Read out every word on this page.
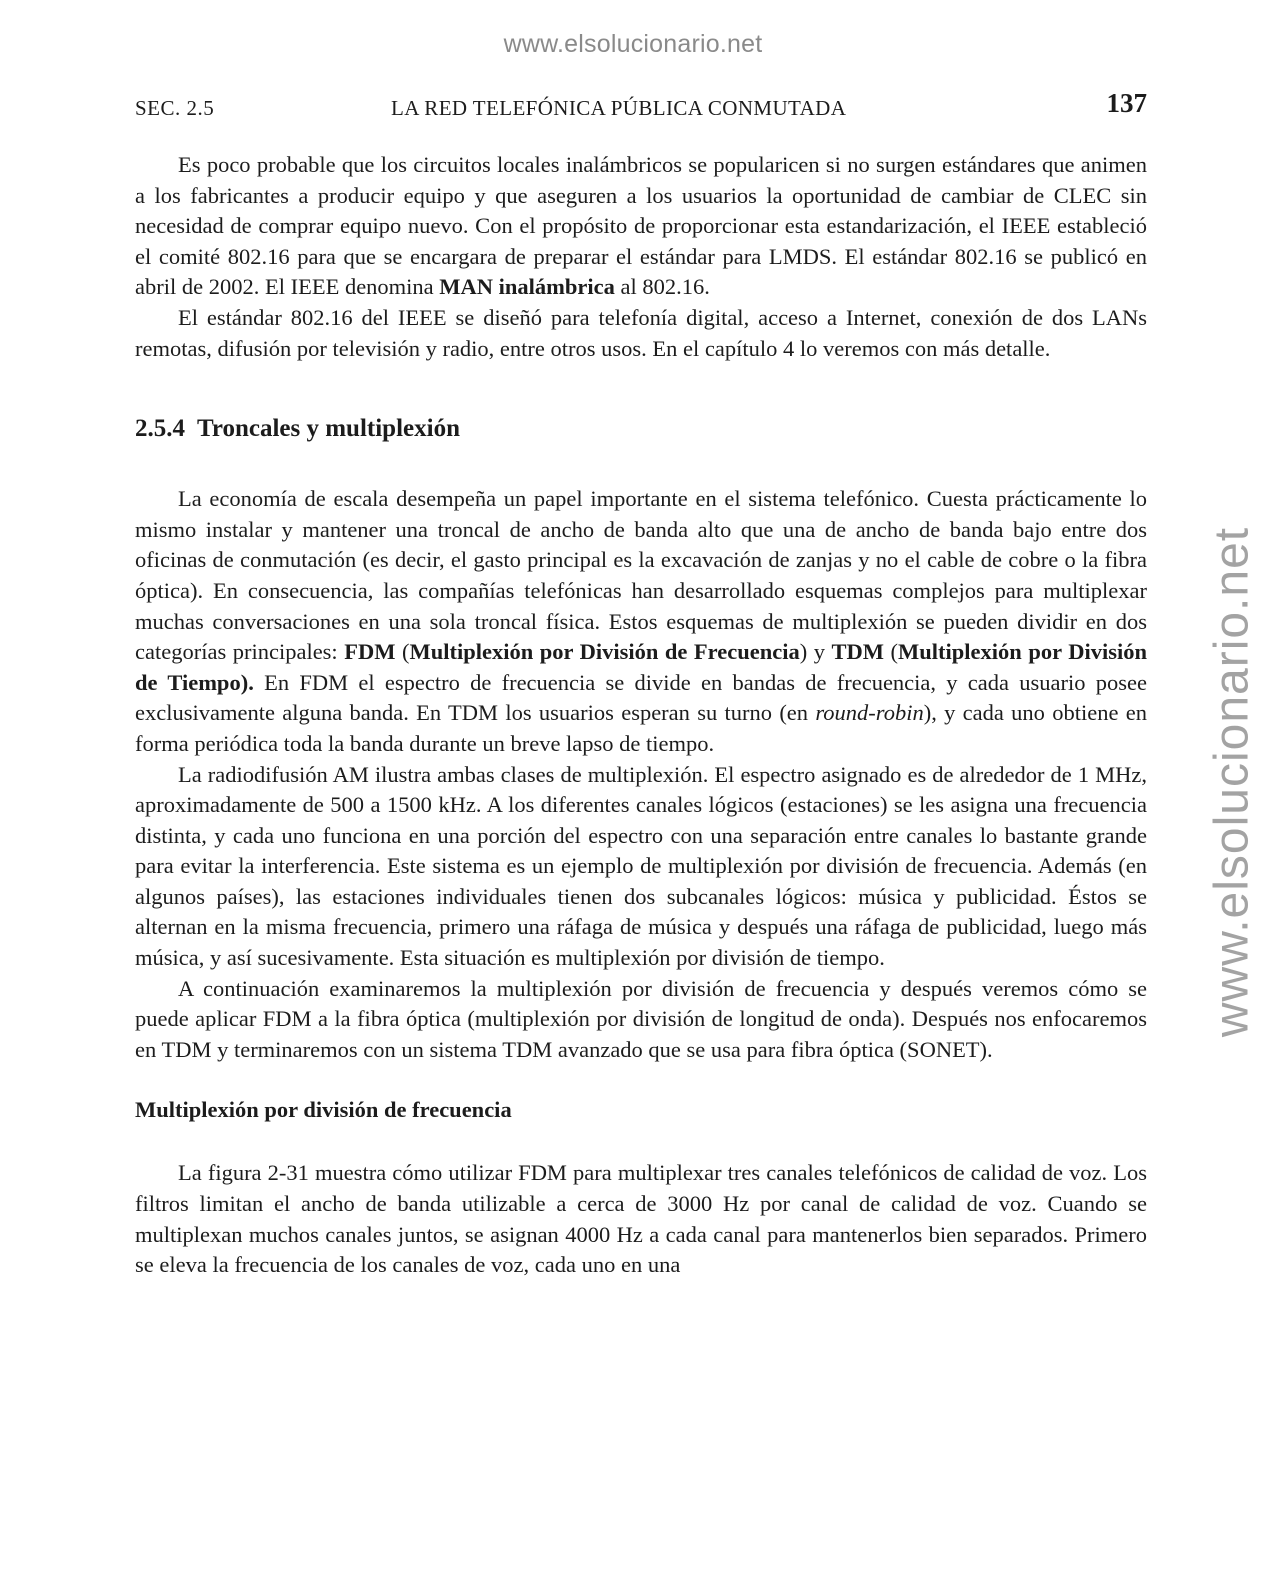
www.elsolucionario.net
www.elsolucionario.net
SEC. 2.5	LA RED TELEFÓNICA PÚBLICA CONMUTADA	137

Es poco probable que los circuitos locales inalámbricos se popularicen si no surgen estándares que animen a los fabricantes a producir equipo y que aseguren a los usuarios la oportunidad de cambiar de CLEC sin necesidad de comprar equipo nuevo. Con el propósito de proporcionar esta estandarización, el IEEE estableció el comité 802.16 para que se encargara de preparar el estándar para LMDS. El estándar 802.16 se publicó en abril de 2002. El IEEE denomina MAN inalámbrica al 802.16.

El estándar 802.16 del IEEE se diseñó para telefonía digital, acceso a Internet, conexión de dos LANs remotas, difusión por televisión y radio, entre otros usos. En el capítulo 4 lo veremos con más detalle.

2.5.4 Troncales y multiplexión

La economía de escala desempeña un papel importante en el sistema telefónico. Cuesta prácticamente lo mismo instalar y mantener una troncal de ancho de banda alto que una de ancho de banda bajo entre dos oficinas de conmutación (es decir, el gasto principal es la excavación de zanjas y no el cable de cobre o la fibra óptica). En consecuencia, las compañías telefónicas han desarrollado esquemas complejos para multiplexar muchas conversaciones en una sola troncal física. Estos esquemas de multiplexión se pueden dividir en dos categorías principales: FDM (Multiplexión por División de Frecuencia) y TDM (Multiplexión por División de Tiempo). En FDM el espectro de frecuencia se divide en bandas de frecuencia, y cada usuario posee exclusivamente alguna banda. En TDM los usuarios esperan su turno (en round-robin), y cada uno obtiene en forma periódica toda la banda durante un breve lapso de tiempo.

La radiodifusión AM ilustra ambas clases de multiplexión. El espectro asignado es de alrededor de 1 MHz, aproximadamente de 500 a 1500 kHz. A los diferentes canales lógicos (estaciones) se les asigna una frecuencia distinta, y cada uno funciona en una porción del espectro con una separación entre canales lo bastante grande para evitar la interferencia. Este sistema es un ejemplo de multiplexión por división de frecuencia. Además (en algunos países), las estaciones individuales tienen dos subcanales lógicos: música y publicidad. Éstos se alternan en la misma frecuencia, primero una ráfaga de música y después una ráfaga de publicidad, luego más música, y así sucesivamente. Esta situación es multiplexión por división de tiempo.

A continuación examinaremos la multiplexión por división de frecuencia y después veremos cómo se puede aplicar FDM a la fibra óptica (multiplexión por división de longitud de onda). Después nos enfocaremos en TDM y terminaremos con un sistema TDM avanzado que se usa para fibra óptica (SONET).

Multiplexión por división de frecuencia

La figura 2-31 muestra cómo utilizar FDM para multiplexar tres canales telefónicos de calidad de voz. Los filtros limitan el ancho de banda utilizable a cerca de 3000 Hz por canal de calidad de voz. Cuando se multiplexan muchos canales juntos, se asignan 4000 Hz a cada canal para mantenerlos bien separados. Primero se eleva la frecuencia de los canales de voz, cada uno en una
